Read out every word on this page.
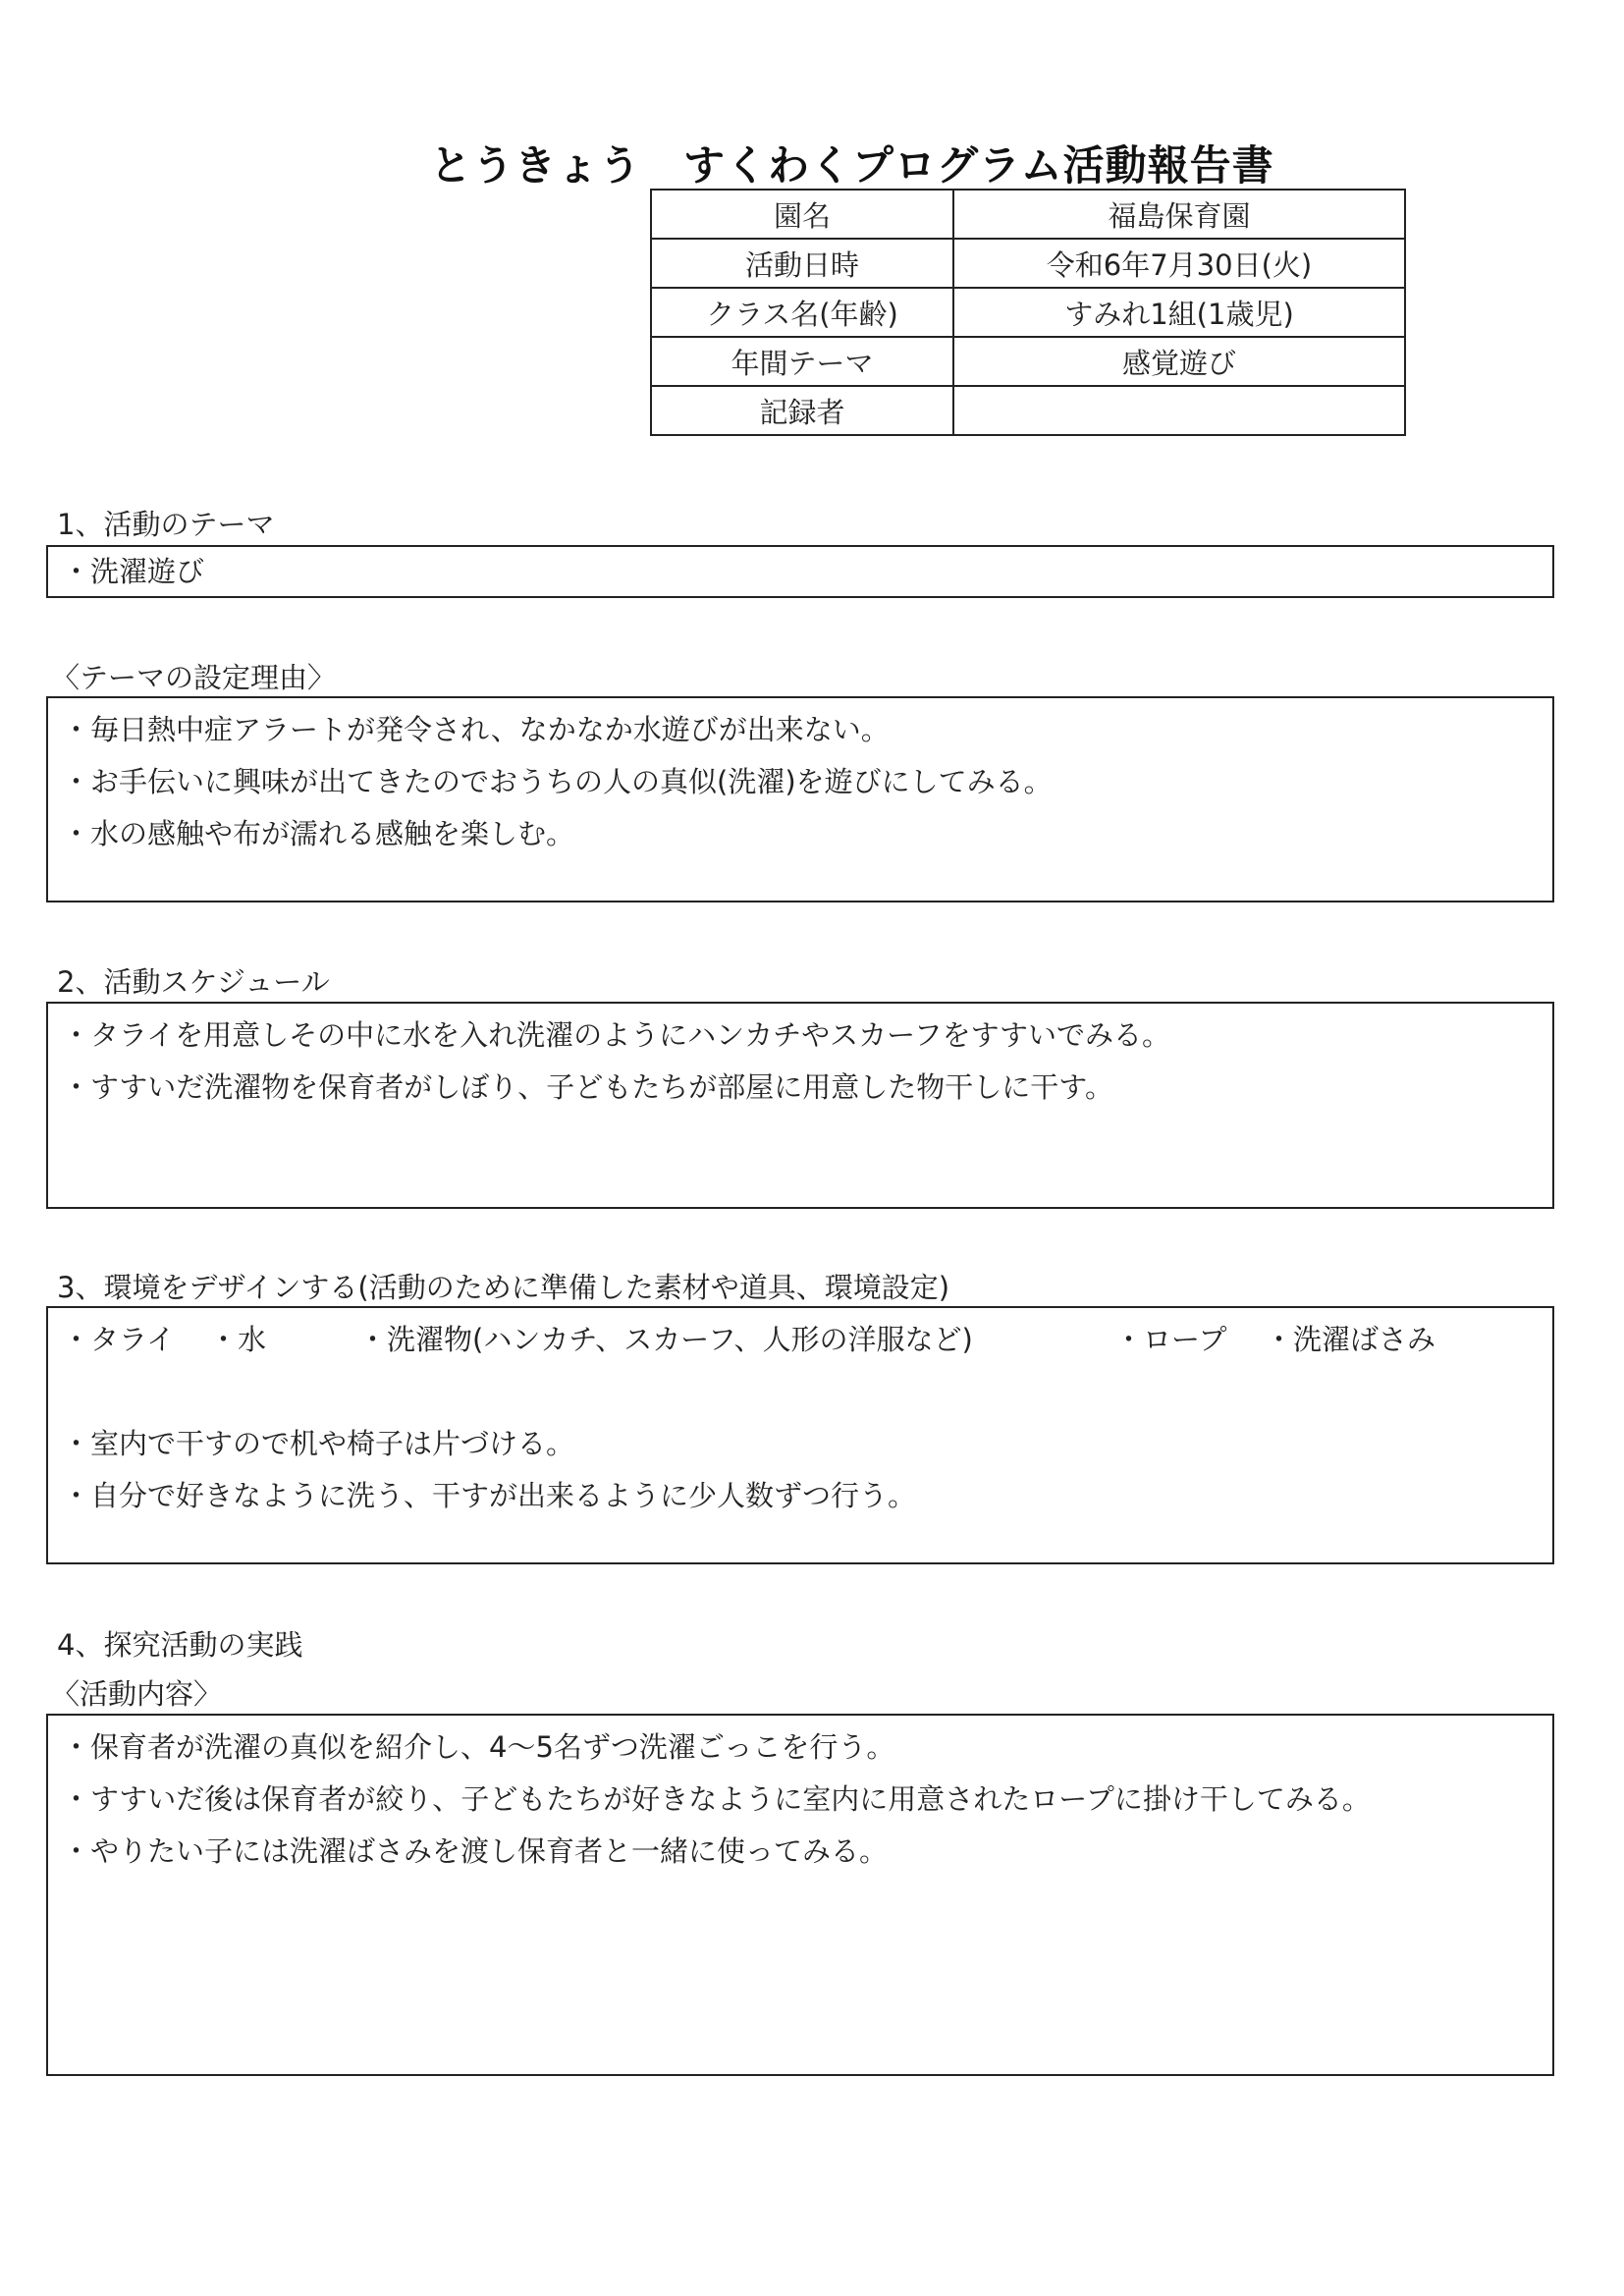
とうきょう　すくわくプログラム活動報告書
園名	福島保育園
活動日時	令和6年7月30日(火)
クラス名(年齢)	すみれ1組(1歳児)
年間テーマ	感覚遊び
記録者	
1、活動のテーマ
・洗濯遊び
〈テーマの設定理由〉
・毎日熱中症アラートが発令され、なかなか水遊びが出来ない。
・お手伝いに興味が出てきたのでおうちの人の真似(洗濯)を遊びにしてみる。
・水の感触や布が濡れる感触を楽しむ。
2、活動スケジュール
・タライを用意しその中に水を入れ洗濯のようにハンカチやスカーフをすすいでみる。
・すすいだ洗濯物を保育者がしぼり、子どもたちが部屋に用意した物干しに干す。
3、環境をデザインする(活動のために準備した素材や道具、環境設定)
・タライ	・水	・洗濯物(ハンカチ、スカーフ、人形の洋服など)	・ロープ	・洗濯ばさみ
・室内で干すので机や椅子は片づける。
・自分で好きなように洗う、干すが出来るように少人数ずつ行う。
4、探究活動の実践
〈活動内容〉
・保育者が洗濯の真似を紹介し、4～5名ずつ洗濯ごっこを行う。
・すすいだ後は保育者が絞り、子どもたちが好きなように室内に用意されたロープに掛け干してみる。
・やりたい子には洗濯ばさみを渡し保育者と一緒に使ってみる。
